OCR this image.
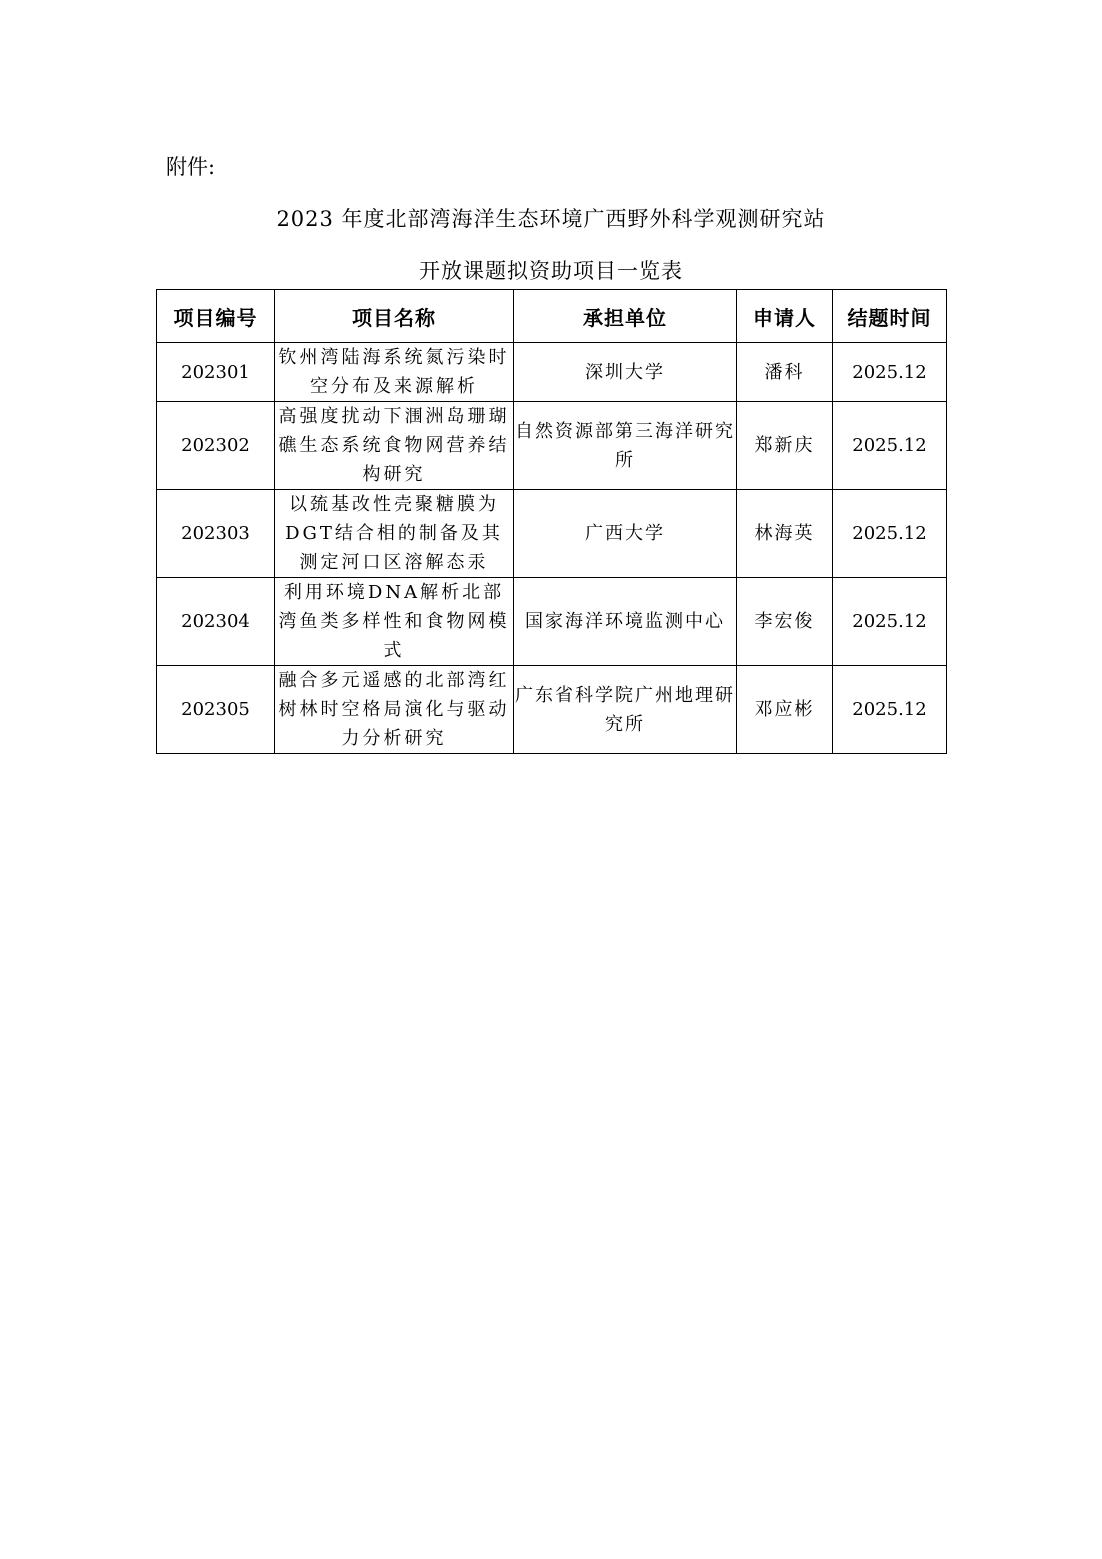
附件:
2023 年度北部湾海洋生态环境广西野外科学观测研究站
开放课题拟资助项目一览表
项目编号	项目名称	承担单位	申请人	结题时间
202301	钦州湾陆海系统氮污染时空分布及来源解析	深圳大学	潘科	2025.12
202302	高强度扰动下涠洲岛珊瑚礁生态系统食物网营养结构研究	自然资源部第三海洋研究所	郑新庆	2025.12
202303	以巯基改性壳聚糖膜为DGT结合相的制备及其测定河口区溶解态汞	广西大学	林海英	2025.12
202304	利用环境DNA解析北部湾鱼类多样性和食物网模式	国家海洋环境监测中心	李宏俊	2025.12
202305	融合多元遥感的北部湾红树林时空格局演化与驱动力分析研究	广东省科学院广州地理研究所	邓应彬	2025.12
